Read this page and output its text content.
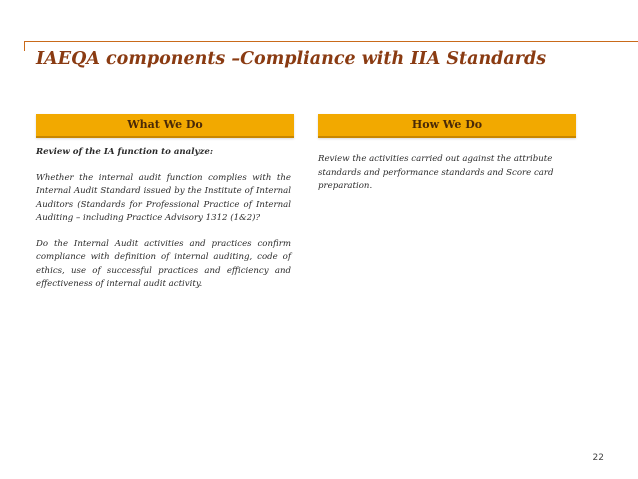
IAEQA components –Compliance with IIA Standards
What We Do	How We Do

Review of the IA function to analyze:

Whether the internal audit function complies with the Internal Audit Standard issued by the Institute of Internal Auditors (Standards for Professional Practice of Internal Auditing – including Practice Advisory 1312 (1&2)?

Do the Internal Audit activities and practices confirm compliance with definition of internal auditing, code of ethics, use of successful practices and efficiency and effectiveness of internal audit activity.

Review the activities carried out against the attribute standards and performance standards and Score card preparation.

22
